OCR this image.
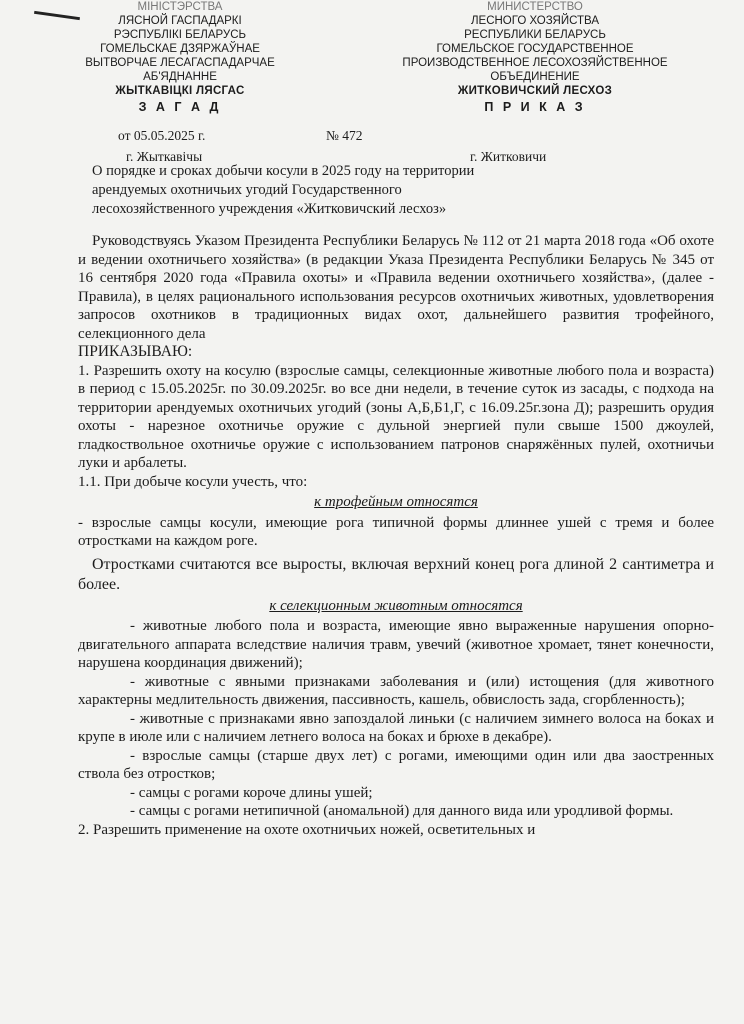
МІНІСТЭРСТВА
ЛЯСНОЙ ГАСПАДАРКІ
РЭСПУБЛІКІ БЕЛАРУСЬ
ГОМЕЛЬСКАЕ ДЗЯРЖАЎНАЕ
ВЫТВОРЧАЕ ЛЕСАГАСПАДАРЧАЕ
АБ'ЯДНАННЕ
ЖЫТКАВІЦКІ ЛЯСГАС
З А Г А Д
МИНИСТЕРСТВО
ЛЕСНОГО ХОЗЯЙСТВА
РЕСПУБЛИКИ БЕЛАРУСЬ
ГОМЕЛЬСКОЕ ГОСУДАРСТВЕННОЕ
ПРОИЗВОДСТВЕННОЕ ЛЕСОХОЗЯЙСТВЕННОЕ
ОБЪЕДИНЕНИЕ
ЖИТКОВИЧСКИЙ ЛЕСХОЗ
П Р И К А З
от 05.05.2025 г.	№ 472
г. Жыткавічы	г. Житковичи
О порядке и сроках добычи косули в 2025 году на территории
арендуемых охотничьих угодий Государственного
лесохозяйственного учреждения «Житковичский лесхоз»

Руководствуясь Указом Президента Республики Беларусь № 112 от 21 марта 2018 года «Об охоте и ведении охотничьего хозяйства» (в редакции Указа Президента Республики Беларусь № 345 от 16 сентября 2020 года «Правила охоты» и «Правила ведении охотничьего хозяйства», (далее - Правила), в целях рационального использования ресурсов охотничьих животных, удовлетворения запросов охотников в традиционных видах охот, дальнейшего развития трофейного, селекционного дела

ПРИКАЗЫВАЮ:

1. Разрешить охоту на косулю (взрослые самцы, селекционные животные любого пола и возраста) в период с 15.05.2025г. по 30.09.2025г. во все дни недели, в течение суток из засады, с подхода на территории арендуемых охотничьих угодий (зоны А,Б,Б1,Г, с 16.09.25г.зона Д); разрешить орудия охоты - нарезное охотничье оружие с дульной энергией пули свыше 1500 джоулей, гладкоствольное охотничье оружие с использованием патронов снаряжённых пулей, охотничьи луки и арбалеты.

1.1. При добыче косули учесть, что:

к трофейным относятся

- взрослые самцы косули, имеющие рога типичной формы длиннее ушей с тремя и более отростками на каждом роге.

Отростками считаются все выросты, включая верхний конец рога длиной 2 сантиметра и более.

к селекционным животным относятся

- животные любого пола и возраста, имеющие явно выраженные нарушения опорно-двигательного аппарата вследствие наличия травм, увечий (животное хромает, тянет конечности, нарушена координация движений);

- животные с явными признаками заболевания и (или) истощения (для животного характерны медлительность движения, пассивность, кашель, обвислость зада, сгорбленность);

- животные с признаками явно запоздалой линьки (с наличием зимнего волоса на боках и крупе в июле или с наличием летнего волоса на боках и брюхе в декабре).

- взрослые самцы (старше двух лет) с рогами, имеющими один или два заостренных ствола без отростков;

- самцы с рогами короче длины ушей;

- самцы с рогами нетипичной (аномальной) для данного вида или уродливой формы.

2. Разрешить применение на охоте охотничьих ножей, осветительных и
